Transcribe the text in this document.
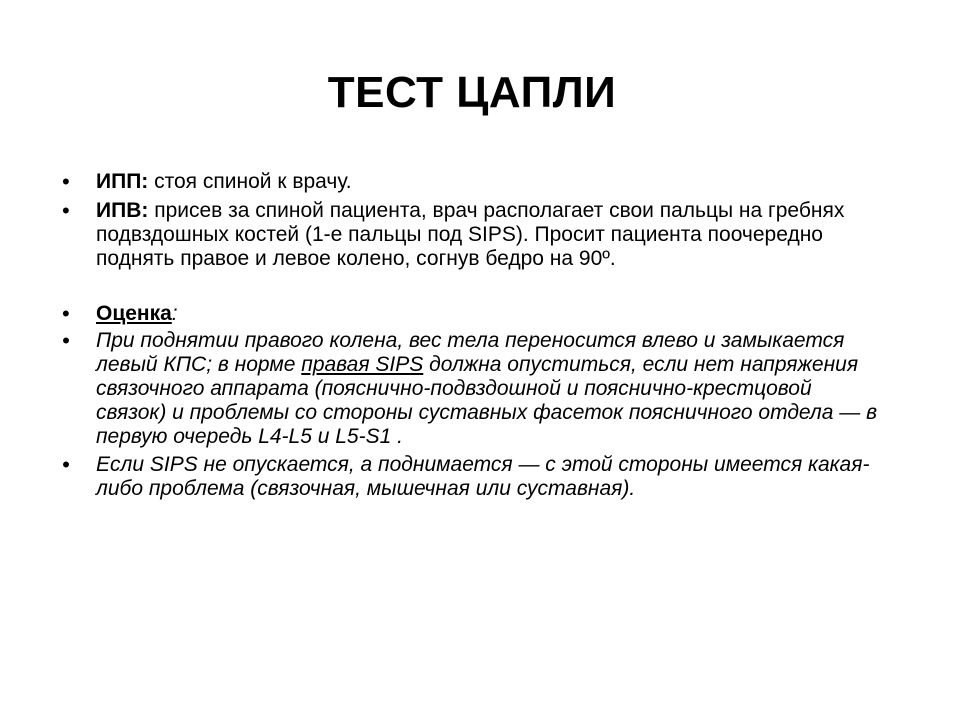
ТЕСТ ЦАПЛИ
• ИПП: стоя спиной к врачу.
• ИПВ: присев за спиной пациента, врач располагает свои пальцы на гребнях подвздошных костей (1-е пальцы под SIPS). Просит пациента поочередно поднять правое и левое колено, согнув бедро на 90º.
• Оценка:
• При поднятии правого колена, вес тела переносится влево и замыкается левый КПС; в норме правая SIPS должна опуститься, если нет напряжения связочного аппарата (пояснично-подвздошной и пояснично-крестцовой связок) и проблемы со стороны суставных фасеток поясничного отдела — в первую очередь L4-L5 и L5-S1 .
• Если SIPS не опускается, а поднимается — с этой стороны имеется какая-либо проблема (связочная, мышечная или суставная).
